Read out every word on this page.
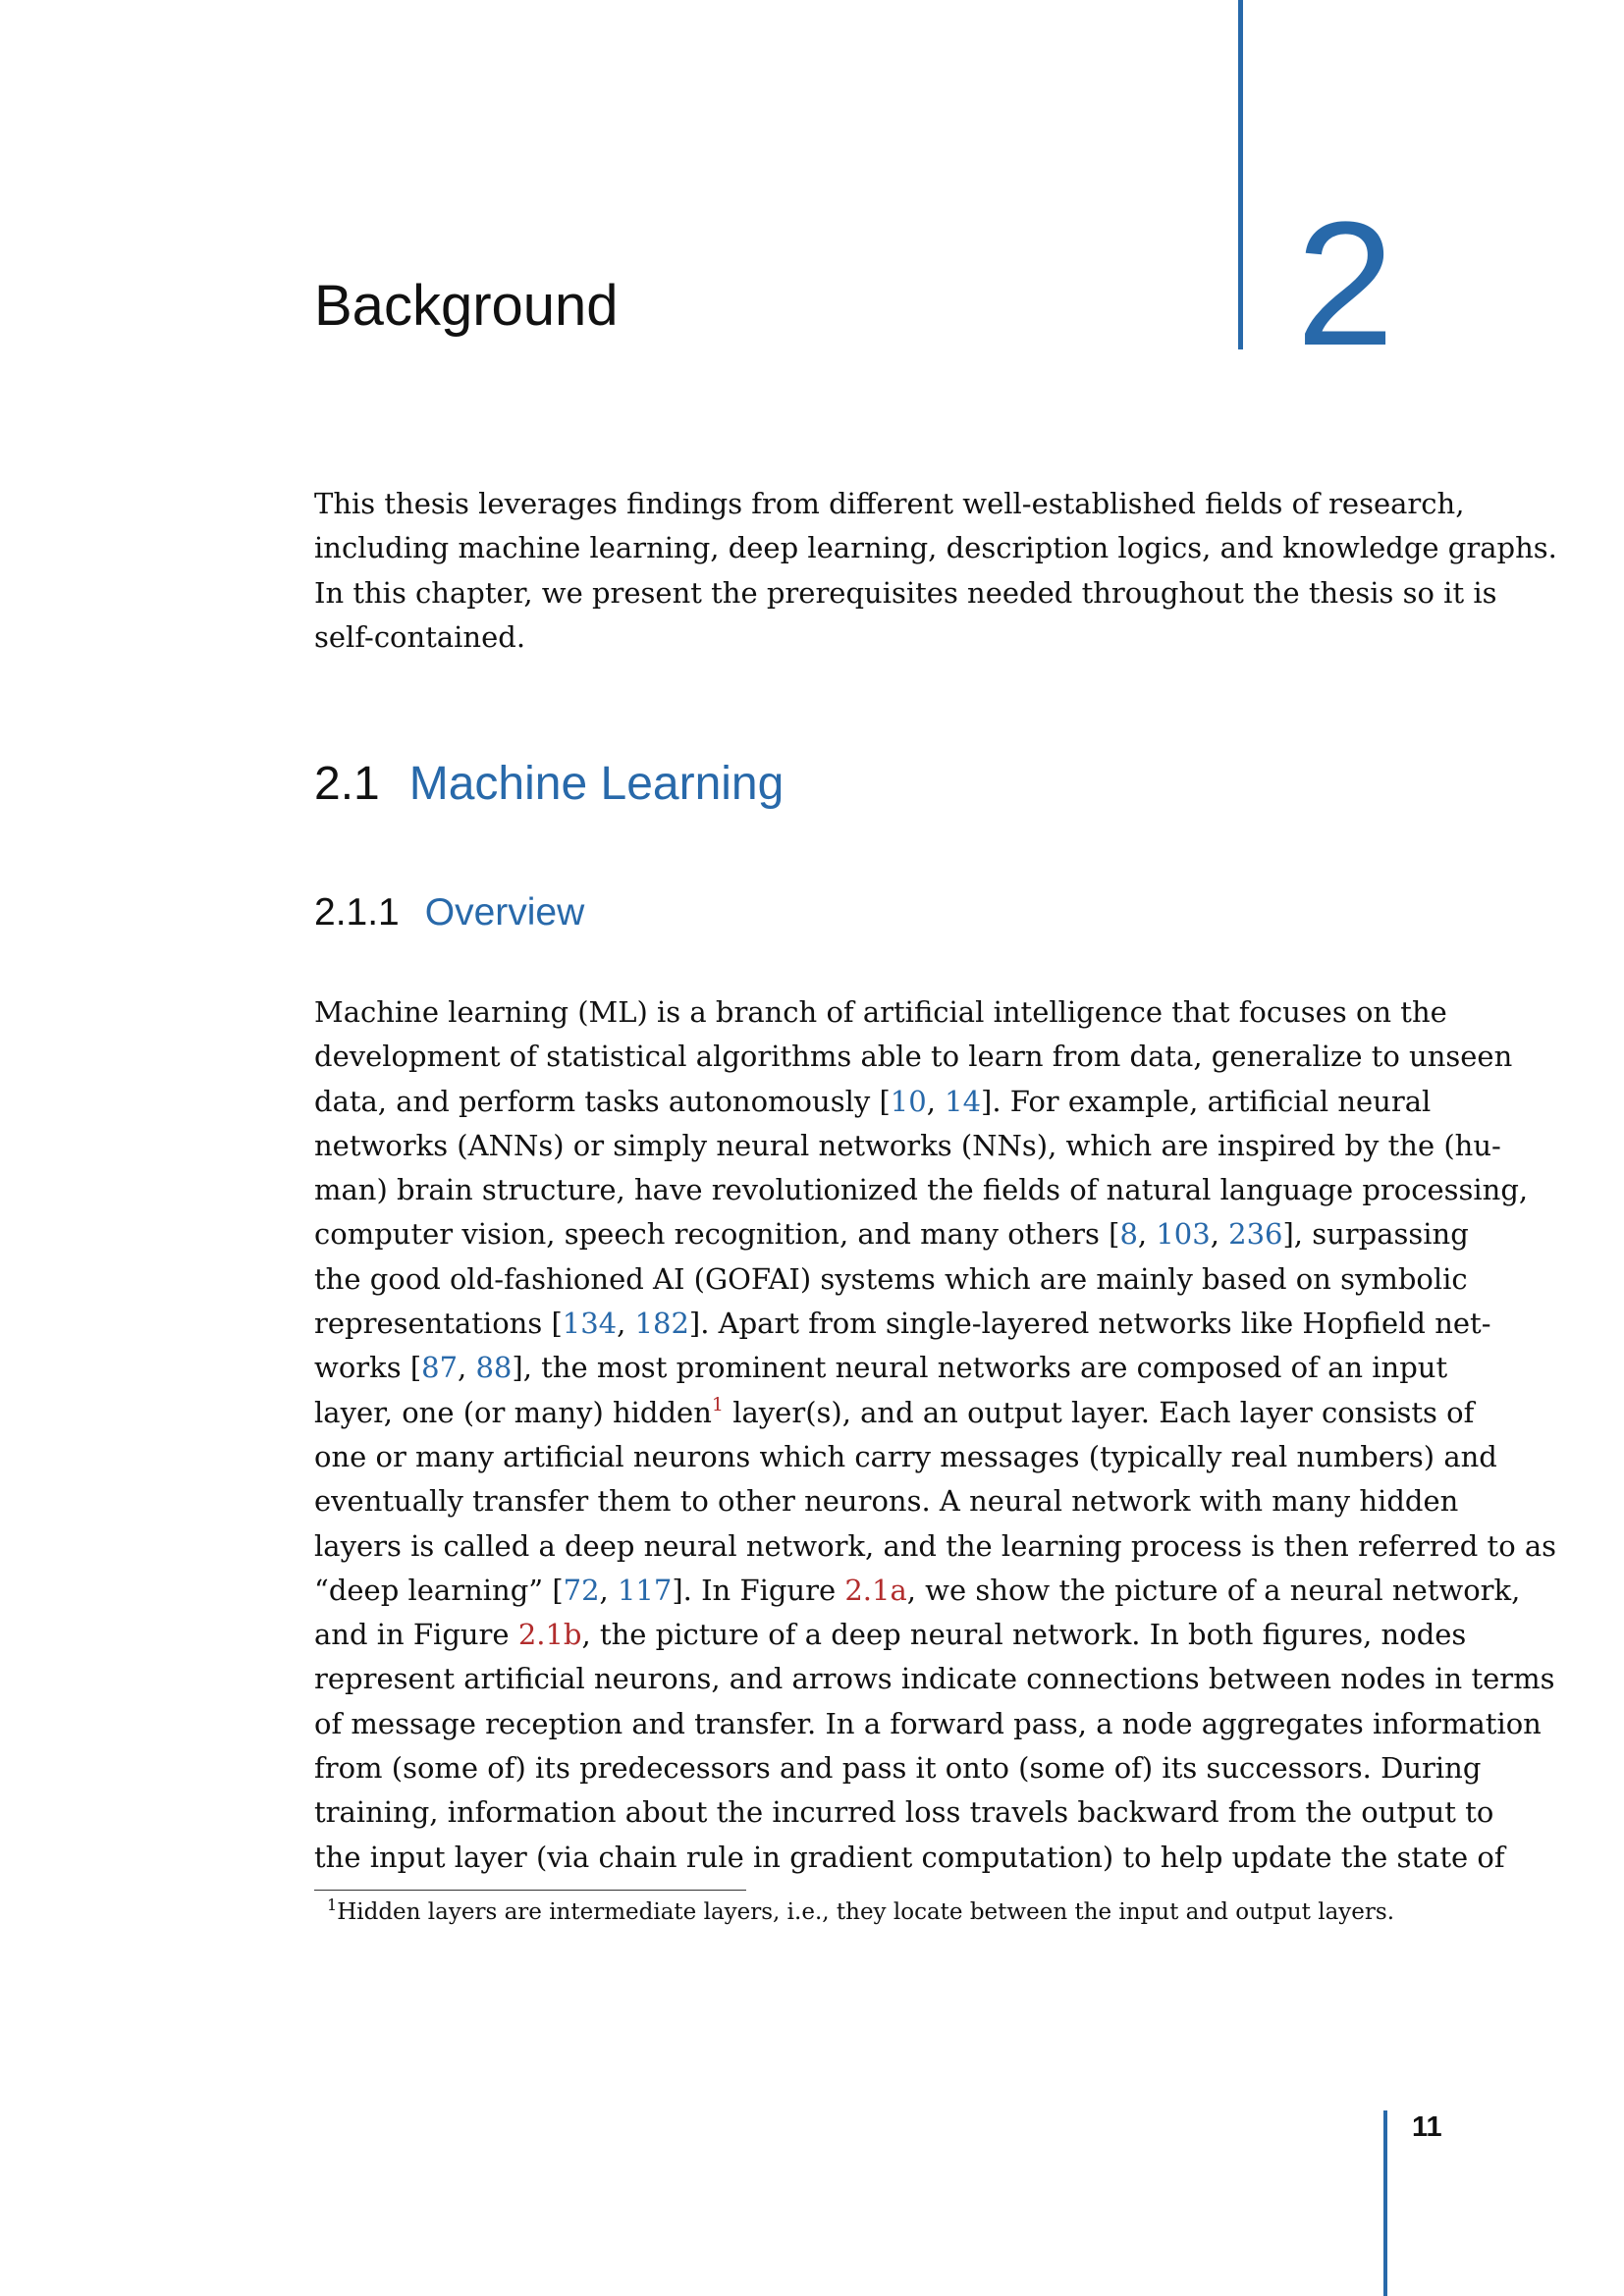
Background	2

This thesis leverages findings from different well-established fields of research,
including machine learning, deep learning, description logics, and knowledge graphs.
In this chapter, we present the prerequisites needed throughout the thesis so it is
self-contained.

2.1 Machine Learning
2.1.1 Overview

Machine learning (ML) is a branch of artificial intelligence that focuses on the
development of statistical algorithms able to learn from data, generalize to unseen
data, and perform tasks autonomously [10, 14]. For example, artificial neural
networks (ANNs) or simply neural networks (NNs), which are inspired by the (hu-
man) brain structure, have revolutionized the fields of natural language processing,
computer vision, speech recognition, and many others [8, 103, 236], surpassing
the good old-fashioned AI (GOFAI) systems which are mainly based on symbolic
representations [134, 182]. Apart from single-layered networks like Hopfield net-
works [87, 88], the most prominent neural networks are composed of an input
layer, one (or many) hidden$^1$ layer(s), and an output layer. Each layer consists of
one or many artificial neurons which carry messages (typically real numbers) and
eventually transfer them to other neurons. A neural network with many hidden
layers is called a deep neural network, and the learning process is then referred to as
“deep learning” [72, 117]. In Figure 2.1a, we show the picture of a neural network,
and in Figure 2.1b, the picture of a deep neural network. In both figures, nodes
represent artificial neurons, and arrows indicate connections between nodes in terms
of message reception and transfer. In a forward pass, a node aggregates information
from (some of) its predecessors and pass it onto (some of) its successors. During
training, information about the incurred loss travels backward from the output to
the input layer (via chain rule in gradient computation) to help update the state of

$^1$Hidden layers are intermediate layers, i.e., they locate between the input and output layers.
11
